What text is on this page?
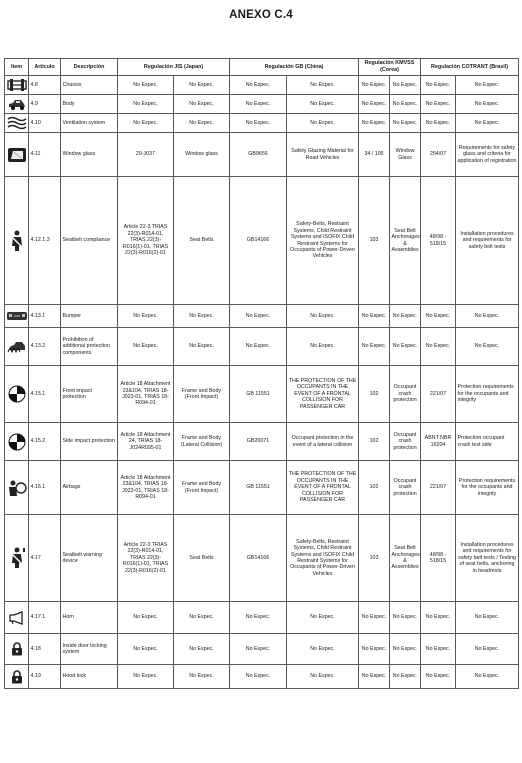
ANEXO C.4
Item	Artículo	Descripción	Regulación JIS (Japan)		Regulación GB (China)		Regulación KMVSS (Corea)		Regulación COTRANT (Brasil)	

	4.8	Chassis	No Espec.	No Espec.	No Espec.	No Espec.	No Espec.	No Espec.	No Espec.	No Espec.

	4.9	Body	No Espec.	No Espec.	No Espec.	No Espec.	No Espec.	No Espec.	No Espec.	No Espec.

	4.10	Ventilation system	No Espec.	No Espec.	No Espec.	No Espec.	No Espec.	No Espec.	No Espec.	No Espec.

	4.11	Window glass	29-J037	Window glass	GB9656	Safety Glazing Material for Road Vehicles	34 / 105	Window Glass	254/07	Requirements for safety glass and criteria for application of registration

	4.12.1.3	Seatbelt compliance	Article 22-3 TRIAS 22(3)-R014-01, TRIAS 22(3)-R016(1)-01, TRIAS 22(3)-R016(2)-01	Seat Belts	GB14166	Safety-Belts, Restraint Systems, Child Restraint Systems and ISOFIX Child Restraint Systems for Occupants of Power-Driven Vehicles	103	Seat Belt Anchorages & Assemblies	48/98 - 518/15	Installation procedures and requirements for safety belt tests

	4.13.1	Bumper	No Espec.	No Espec.	No Espec.	No Espec.	No Espec.	No Espec.	No Espec.	No Espec.

	4.13.2	Prohibition of additional protection components	No Espec.	No Espec.	No Espec.	No Espec.	No Espec.	No Espec.	No Espec.	No Espec.

	4.15.1	Front impact protection	Article 18 Attachment 23&104, TRIAS 18-J023-01, TRIAS 18-R094-01	Frame and Body (Front Impact)	GB 11551	THE PROTECTION OF THE OCCUPANTS IN THE EVENT OF A FRONTAL COLLISION FOR PASSENGER CAR	102	Occupant crash protection	221/07	Protection requirements for the occupants and integrity

	4.15.2	Side impact protection	Article 18 Attachment 24, TRIAS 18-J024R095-01	Frame and Body (Lateral Collision)	GB20071	Occupant protection in the event of a lateral collision	102	Occupant crash protection	ABNT NBR 16204	Protection occupant crash test side

	4.16.1	Airbags	Article 18 Attachment 23&104, TRIAS 18-J023-01, TRIAS 18-R094-01	Frame and Body (Front Impact)	GB 11551	THE PROTECTION OF THE OCCUPANTS IN THE EVENT OF A FRONTAL COLLISION FOR PASSENGER CAR	102	Occupant crash protection	221/07	Protection requirements for the occupants and integrity

	4.17	Seatbelt warning device	Article 22-3 TRIAS 22(3)-R014-01, TRIAS 22(3)-R016(1)-01, TRIAS 22(3)-R016(2)-01	Seat Belts	GB14166	Safety-Belts, Restraint Systems, Child Restraint Systems and ISOFIX Child Restraint Systems for Occupants of Power-Driven Vehicles	103	Seat Belt Anchorages & Assemblies	48/98 - 518/15	Installation procedures and requirements for safety belt tests / Testing of seat belts, anchoring in headrests

	4.17.1	Horn	No Espec.	No Espec.	No Espec.	No Espec.	No Espec.	No Espec.	No Espec.	No Espec.

	4.18	Inside door locking system	No Espec.	No Espec.	No Espec.	No Espec.	No Espec.	No Espec.	No Espec.	No Espec.

	4.19	Hood lock	No Espec.	No Espec.	No Espec.	No Espec.	No Espec.	No Espec.	No Espec.	No Espec.
